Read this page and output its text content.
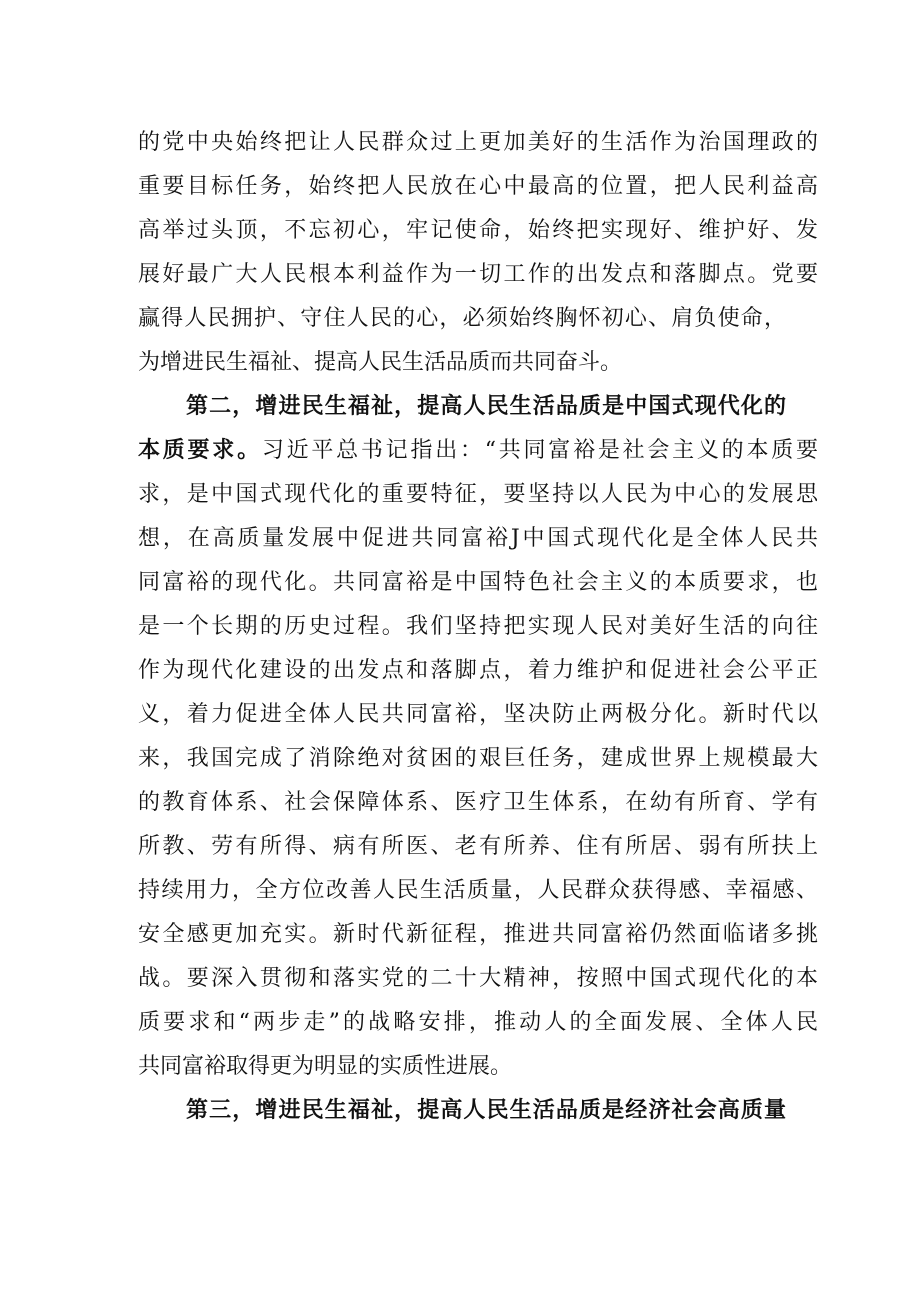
的党中央始终把让人民群众过上更加美好的生活作为治国理政的
重要目标任务，始终把人民放在心中最高的位置，把人民利益高
高举过头顶，不忘初心，牢记使命，始终把实现好、维护好、发
展好最广大人民根本利益作为一切工作的出发点和落脚点。党要
赢得人民拥护、守住人民的心，必须始终胸怀初心、肩负使命，
为增进民生福祉、提高人民生活品质而共同奋斗。
第二，增进民生福祉，提高人民生活品质是中国式现代化的
本质要求。习近平总书记指出：“共同富裕是社会主义的本质要
求，是中国式现代化的重要特征，要坚持以人民为中心的发展思
想，在高质量发展中促进共同富裕J中国式现代化是全体人民共
同富裕的现代化。共同富裕是中国特色社会主义的本质要求，也
是一个长期的历史过程。我们坚持把实现人民对美好生活的向往
作为现代化建设的出发点和落脚点，着力维护和促进社会公平正
义，着力促进全体人民共同富裕，坚决防止两极分化。新时代以
来，我国完成了消除绝对贫困的艰巨任务，建成世界上规模最大
的教育体系、社会保障体系、医疗卫生体系，在幼有所育、学有
所教、劳有所得、病有所医、老有所养、住有所居、弱有所扶上
持续用力，全方位改善人民生活质量，人民群众获得感、幸福感、
安全感更加充实。新时代新征程，推进共同富裕仍然面临诸多挑
战。要深入贯彻和落实党的二十大精神，按照中国式现代化的本
质要求和“两步走”的战略安排，推动人的全面发展、全体人民
共同富裕取得更为明显的实质性进展。
第三，增进民生福祉，提高人民生活品质是经济社会高质量
